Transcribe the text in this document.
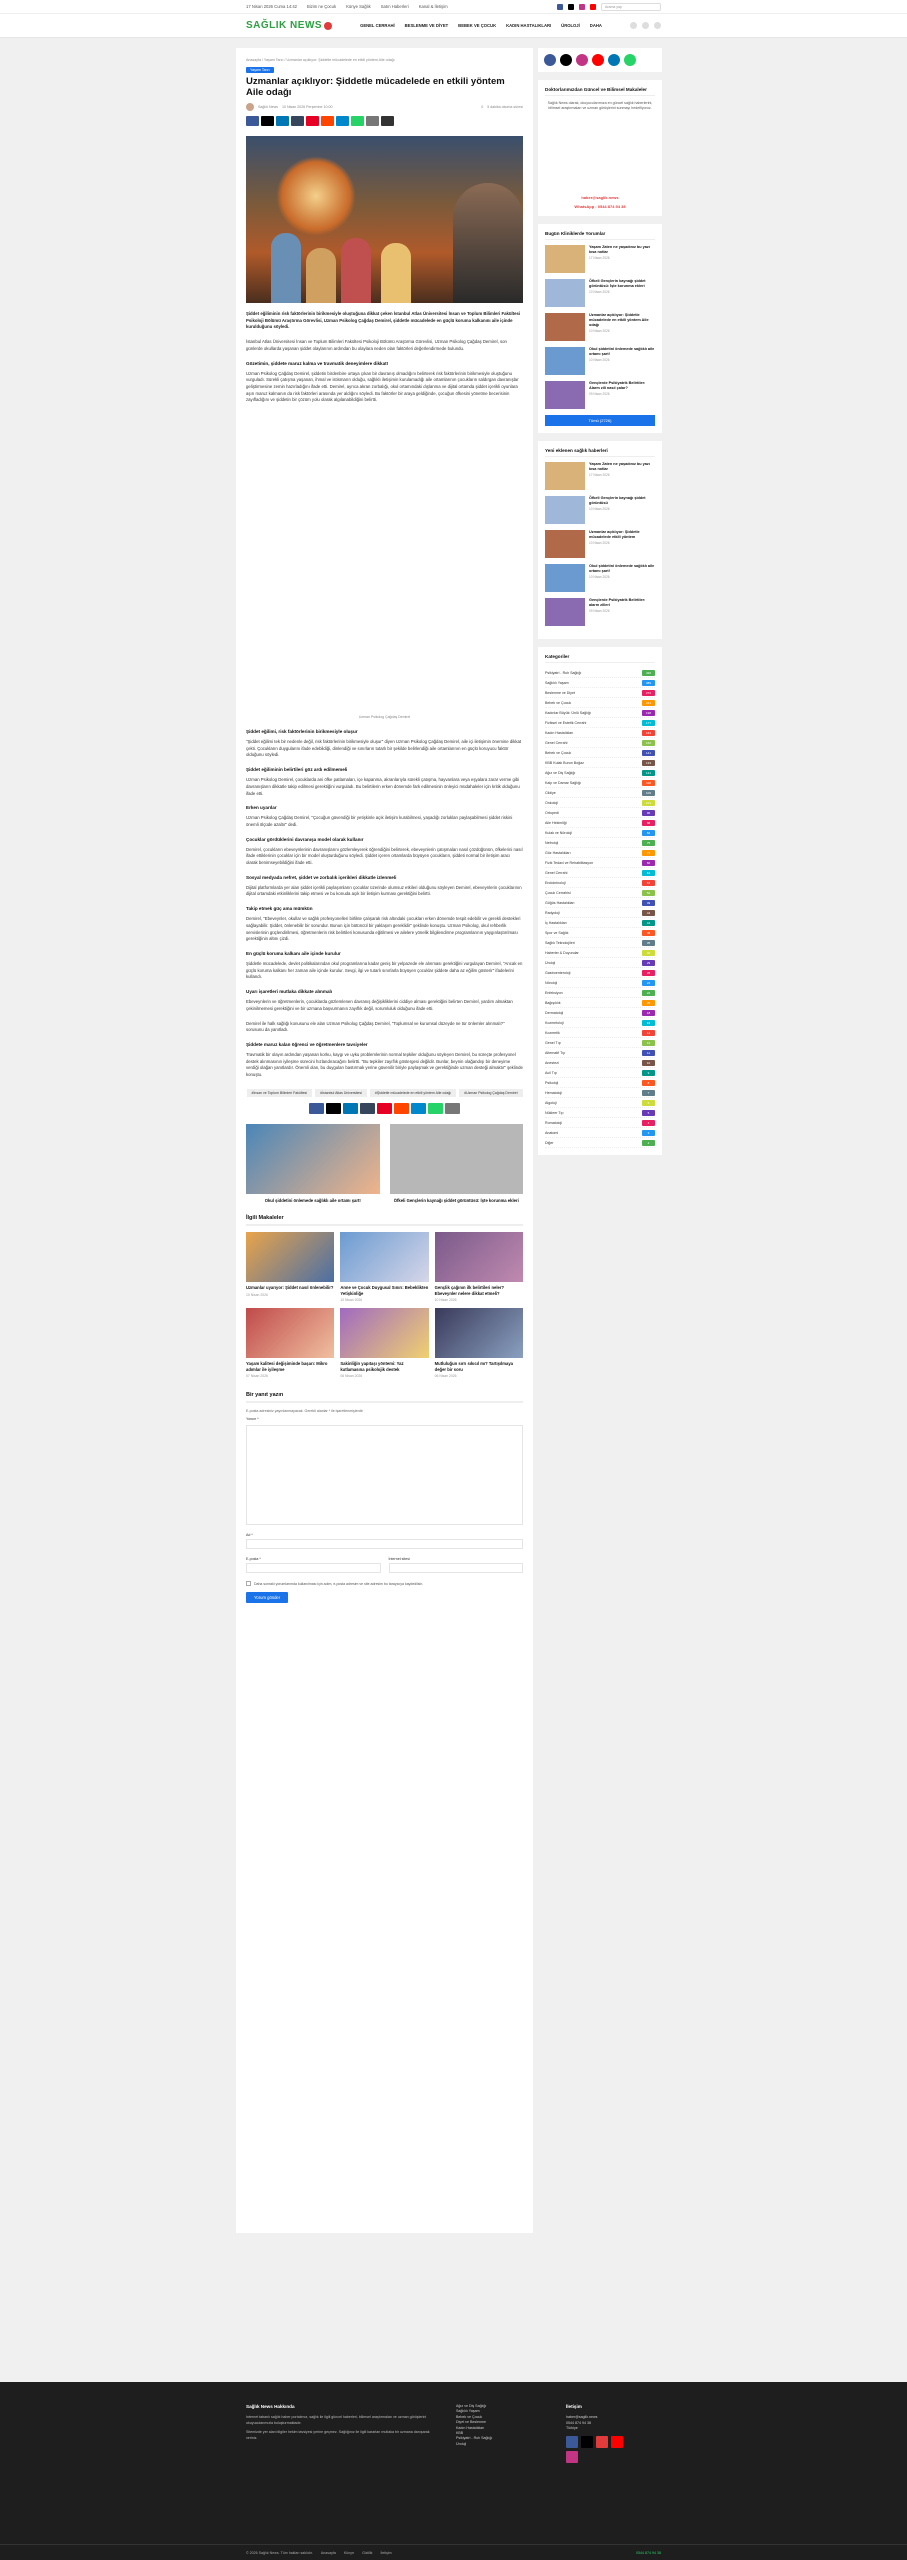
17 Nisan 2026 Cuma 14:42 Bizim ne Çocuk Künye Sağlık Satın Haberleri Kanal & İletişim	Arama yap
SAĞLIK NEWS	GENEL CERRAHİ BESLENME VE DİYET BEBEK VE ÇOCUK KADIN HASTALIKLARI ÜROLOJİ DAHA
Anasayfa / Yaşam Tarzı / Uzmanlar açıklıyor: Şiddetle mücadelede en etkili yöntem Aile odağı
Yaşam Tarzı
Uzmanlar açıklıyor: Şiddetle mücadelede en etkili yöntem Aile odağı
Sağlık News 10 Nisan 2026 Perşembe 10:00	0 5 dakika okuma süresi

Şiddet eğiliminin risk faktörlerinin birikmesiyle oluştuğuna dikkat çeken İstanbul Atlas Üniversitesi İnsan ve Toplum Bilimleri Fakültesi Psikoloji Bölümü Araştırma Görevlisi, Uzman Psikolog Çağdaş Demirel, şiddetle mücadelede en güçlü koruma kalkanını aile içinde kurulduğunu söyledi.

İstanbul Atlas Üniversitesi İnsan ve Toplum Bilimleri Fakültesi Psikoloji Bölümü Araştırma Görevlisi, Uzman Psikolog Çağdaş Demirel, son günlerde okullarda yaşanan şiddet olaylarının ardından bu olaylara neden olan faktörleri değerlendirmede bulundu.

Gözetimin, şiddete maruz kalma ve travmatik deneyimlere dikkat!

Uzman Psikolog Çağdaş Demirel, şiddetin birdenbire ortaya çıkan bir davranış olmadığını belirterek risk faktörlerinin birikmesiyle oluştuğunu vurguladı. Sürekli çatışma yaşanan, ihmal ve istismarın olduğu, sağlıklı iletişimin kurulamadığı aile ortamlarının çocukların saldırgan davranışlar geliştirmesine zemin hazırladığını ifade etti. Demirel, ayrıca akran zorbalığı, okul ortamındaki dışlanma ve dijital ortamda şiddet içerikli oyunlara aşırı maruz kalmanın da risk faktörleri arasında yer aldığını söyledi. Bu faktörler bir araya geldiğinde, çocuğun öfkesini yönetme becerisinin zayıfladığını ve şiddetin bir çözüm yolu olarak algılanabildiğini belirtti.

Uzman Psikolog Çağdaş Demirel
Şiddet eğilimi, risk faktörlerinin birikmesiyle oluşur

"Şiddet eğilimi tek bir nedenle değil, risk faktörlerinin birikmesiyle oluşur" diyen Uzman Psikolog Çağdaş Demirel, aile içi iletişimin önemine dikkat çekti. Çocukların duygularını ifade edebildiği, dinlendiği ve sınırların tutarlı bir şekilde belirlendiği aile ortamlarının en güçlü koruyucu faktör olduğunu söyledi.

Şiddet eğiliminin belirtileri göz ardı edilmemeli

Uzman Psikolog Demirel, çocuklarda ani öfke patlamaları, içe kapanma, akranlarıyla sürekli çatışma, hayvanlara veya eşyalara zarar verme gibi davranışların dikkatle takip edilmesi gerektiğini vurguladı. Bu belirtilerin erken dönemde fark edilmesinin önleyici müdahaleler için kritik olduğunu ifade etti.

Erken uyarılar

Uzman Psikolog Çağdaş Demirel, "Çocuğun güvendiği bir yetişkinle açık iletişim kurabilmesi, yaşadığı zorlukları paylaşabilmesi şiddet riskini önemli ölçüde azaltır" dedi.

Çocuklar gördüklerini davranışa model olarak kullanır

Demirel, çocukların ebeveynlerinin davranışlarını gözlemleyerek öğrendiğini belirterek, ebeveynlerin çatışmaları nasıl çözdüğünün, öfkelerini nasıl ifade ettiklerinin çocuklar için bir model oluşturduğunu söyledi. Şiddet içeren ortamlarda büyüyen çocukların, şiddeti normal bir iletişim aracı olarak benimseyebildiğini ifade etti.

Sosyal medyada nefret, şiddet ve zorbalık içerikleri dikkatle izlenmeli

Dijital platformlarda yer alan şiddet içerikli paylaşımların çocuklar üzerinde olumsuz etkileri olduğunu söyleyen Demirel, ebeveynlerin çocuklarının dijital ortamdaki etkinliklerini takip etmesi ve bu konuda açık bir iletişim kurması gerektiğini belirtti.

Takip etmek güç ama mümkün

Demirel, "Ebeveynler, okullar ve sağlık profesyonelleri birlikte çalışarak risk altındaki çocukları erken dönemde tespit edebilir ve gerekli destekleri sağlayabilir. Şiddet, önlenebilir bir sorundur. Bunun için bütüncül bir yaklaşım gereklidir" şeklinde konuştu. Uzman Psikolog, okul rehberlik servislerinin güçlendirilmesi, öğretmenlerin risk belirtileri konusunda eğitilmesi ve ailelere yönelik bilgilendirme programlarının yaygınlaştırılması gerektiğinin altını çizdi.

En güçlü koruma kalkanı aile içinde kurulur

Şiddetle mücadelede, devlet politikalarından okul programlarına kadar geniş bir yelpazede ele alınması gerektiğini vurgulayan Demirel, "Ancak en güçlü koruma kalkanı her zaman aile içinde kurulur. Sevgi, ilgi ve tutarlı sınırlarla büyüyen çocuklar şiddete daha az eğilim gösterir" ifadelerini kullandı.

Uyarı işaretleri mutlaka dikkate alınmalı

Ebeveynlerin ve öğretmenlerin, çocuklarda gözlemlenen davranış değişikliklerini ciddiye alması gerektiğini belirten Demirel, yardım almaktan çekinilmemesi gerektiğini ve bir uzmana başvurmanın zayıflık değil, sorumluluk olduğunu ifade etti.

Demirel ile halk sağlığı konusunu ele alan Uzman Psikolog Çağdaş Demirel, "Toplumsal ve kurumsal düzeyde ne tür önlemler alınmalı?" sorusunu da yanıtladı.

Şiddete maruz kalan öğrenci ve öğretmenlere tavsiyeler

Travmatik bir olayın ardından yaşanan korku, kaygı ve uyku problemlerinin normal tepkiler olduğunu söyleyen Demirel, bu süreçte profesyonel destek alınmasının iyileşme sürecini hızlandıracağını belirtti. "Bu tepkiler zayıflık göstergesi değildir. Bunlar, beynin olağandışı bir deneyime verdiği olağan yanıtlardır. Önemli olan, bu duyguları bastırmak yerine güvenilir biriyle paylaşmak ve gerektiğinde uzman desteği almaktır" şeklinde konuştu.

#İnsan ve Toplum Bilimleri Fakültesi	#İstanbul Atlas Üniversitesi	#Şiddetle mücadelede en etkili yöntem Aile odağı	#Uzman Psikolog Çağdaş Demirel
Okul şiddetini önlemede sağlıklı aile ortamı şart!	Öfkeli Gençlerin kaynağı şiddet görüntüsü: İşte korunma ekleri
İlgili Makaleler
Uzmanlar uyarıyor: Şiddet nasıl önlenebilir?
10 Nisan 2026
Anne ve Çocuk Duygusal Sınırı: Bebeklikten Yetişkinliğe
10 Nisan 2026
Gençlik çağının ilk belirtileri neler? Ebeveynler nelere dikkat etmeli?
10 Nisan 2026
Yaşam kalitesi değişiminde başarı: Mikro adımlar ile iyileşme
07 Nisan 2026
Sakinliğin yapıtaşı yöntemi: Yaz kutlamasına psikolojik destek
06 Nisan 2026
Mutluluğun sırrı sıkıcıl mı? Tartışılmaya değer bir soru
06 Nisan 2026
Bir yanıt yazın
E-posta adresiniz yayınlanmayacak. Gerekli alanlar * ile işaretlenmişlerdir
Yorum *
Ad *
E-posta *	İnternet sitesi
Daha sonraki yorumlarımda kullanılması için adım, e-posta adresim ve site adresim bu tarayıcıya kaydedilsin.
Yorum gönder
Doktorlarımızdan Güncel ve Bilimsel Makaleler
Sağlık News olarak, okuyucularımıza en güncel sağlık haberlerini, bilimsel araştırmaları ve uzman görüşlerini sunmayı hedefliyoruz.
haber@saglik.news
WhatsApp : 0544 874 94 38
Bugün Kliniklerde Yorumlar
Yaşam Zaten ne yaşadınız bu yazı kısa notlar
17 Nisan 2026
Öfkeli Gençlerin kaynağı şiddet görüntüsü: İşte korunma ekleri
10 Nisan 2026
Uzmanlar açıklıyor: Şiddetle mücadelede en etkili yöntem Aile odağı
10 Nisan 2026
Okul şiddetini önlemede sağlıklı aile ortamı şart!
10 Nisan 2026
Gençlerde Psikiyatrik Belirtiler: Alarm zili nasıl çalar?
09 Nisan 2026
Tümü (2726)
Yeni eklenen sağlık haberleri
Yaşam Zaten ne yaşadınız bu yazı kısa notlar
17 Nisan 2026
Öfkeli Gençlerin kaynağı şiddet görüntüsü
10 Nisan 2026
Uzmanlar açıklıyor: Şiddetle mücadelede etkili yöntem
10 Nisan 2026
Okul şiddetini önlemede sağlıklı aile ortamı şart!
10 Nisan 2026
Gençlerde Psikiyatrik Belirtiler: alarm zilleri
09 Nisan 2026
Kategoriler
Psikiyatri - Ruh Sağlığı	426
Sağlıklı Yaşam	389
Beslenme ve Diyet	272
Bebek ve Çocuk	241
Kadınlar Büyük: Ünlü Sağlığı	198
Fiziksel ve Estetik Cerrahi	177
Kadın Hastalıkları	164
Genel Cerrahi	152
Bebek ve Çocuk	141
KBB Kulak Burun Boğaz	133
Ağız ve Diş Sağlığı	121
Kalp ve Damar Sağlığı	118
Cildiye	109
Onkoloji	101
Ortopedi	96
Aile Hekimliği	88
Kulak ve Nöroloji	82
Nefroloji	75
Göz Hastalıkları	71
Fizik Tedavi ve Rehabilitasyon	66
Genel Cerrahi	61
Endokrinoloji	57
Çocuk Cerrahisi	52
Göğüs Hastalıkları	49
Radyoloji	44
İç Hastalıkları	41
Spor ve Sağlık	38
Sağlık Teknolojileri	35
Haberler & Duyurular	32
Üroloji	29
Gastroenteroloji	26
Nöroloji	24
Enfeksiyon	22
Bağışıklık	20
Dermatoloji	18
Kozmetoloji	16
Kozmetik	14
Genel Tıp	12
Alternatif Tıp	11
Anestezi	10
Acil Tıp	9
Psikoloji	8
Hematoloji	7
Algoloji	6
Nükleer Tıp	5
Romatoloji	4
Anatomi	3
Diğer	2
Sağlık News Hakkında
Internet tabanlı sağlık haber portalımız, sağlık ile ilgili güncel haberleri, bilimsel araştırmaları ve uzman görüşlerini okuyucularımızla buluşturmaktadır.
Sitemizde yer alan bilgiler hekim tavsiyesi yerine geçmez. Sağlığınız ile ilgili kararları mutlaka bir uzmana danışarak veriniz.
Ağız ve Diş Sağlığı
Sağlıklı Yaşam
Bebek ve Çocuk
Diyet ve Beslenme
Kadın Hastalıkları
KBB
Psikiyatri - Ruh Sağlığı
Üroloji
İletişim
haber@saglik.news
0544 874 94 38
Türkiye
© 2026 Sağlık News. Tüm hakları saklıdır. Anasayfa Künye Gizlilik İletişim	0544 874 94 38
